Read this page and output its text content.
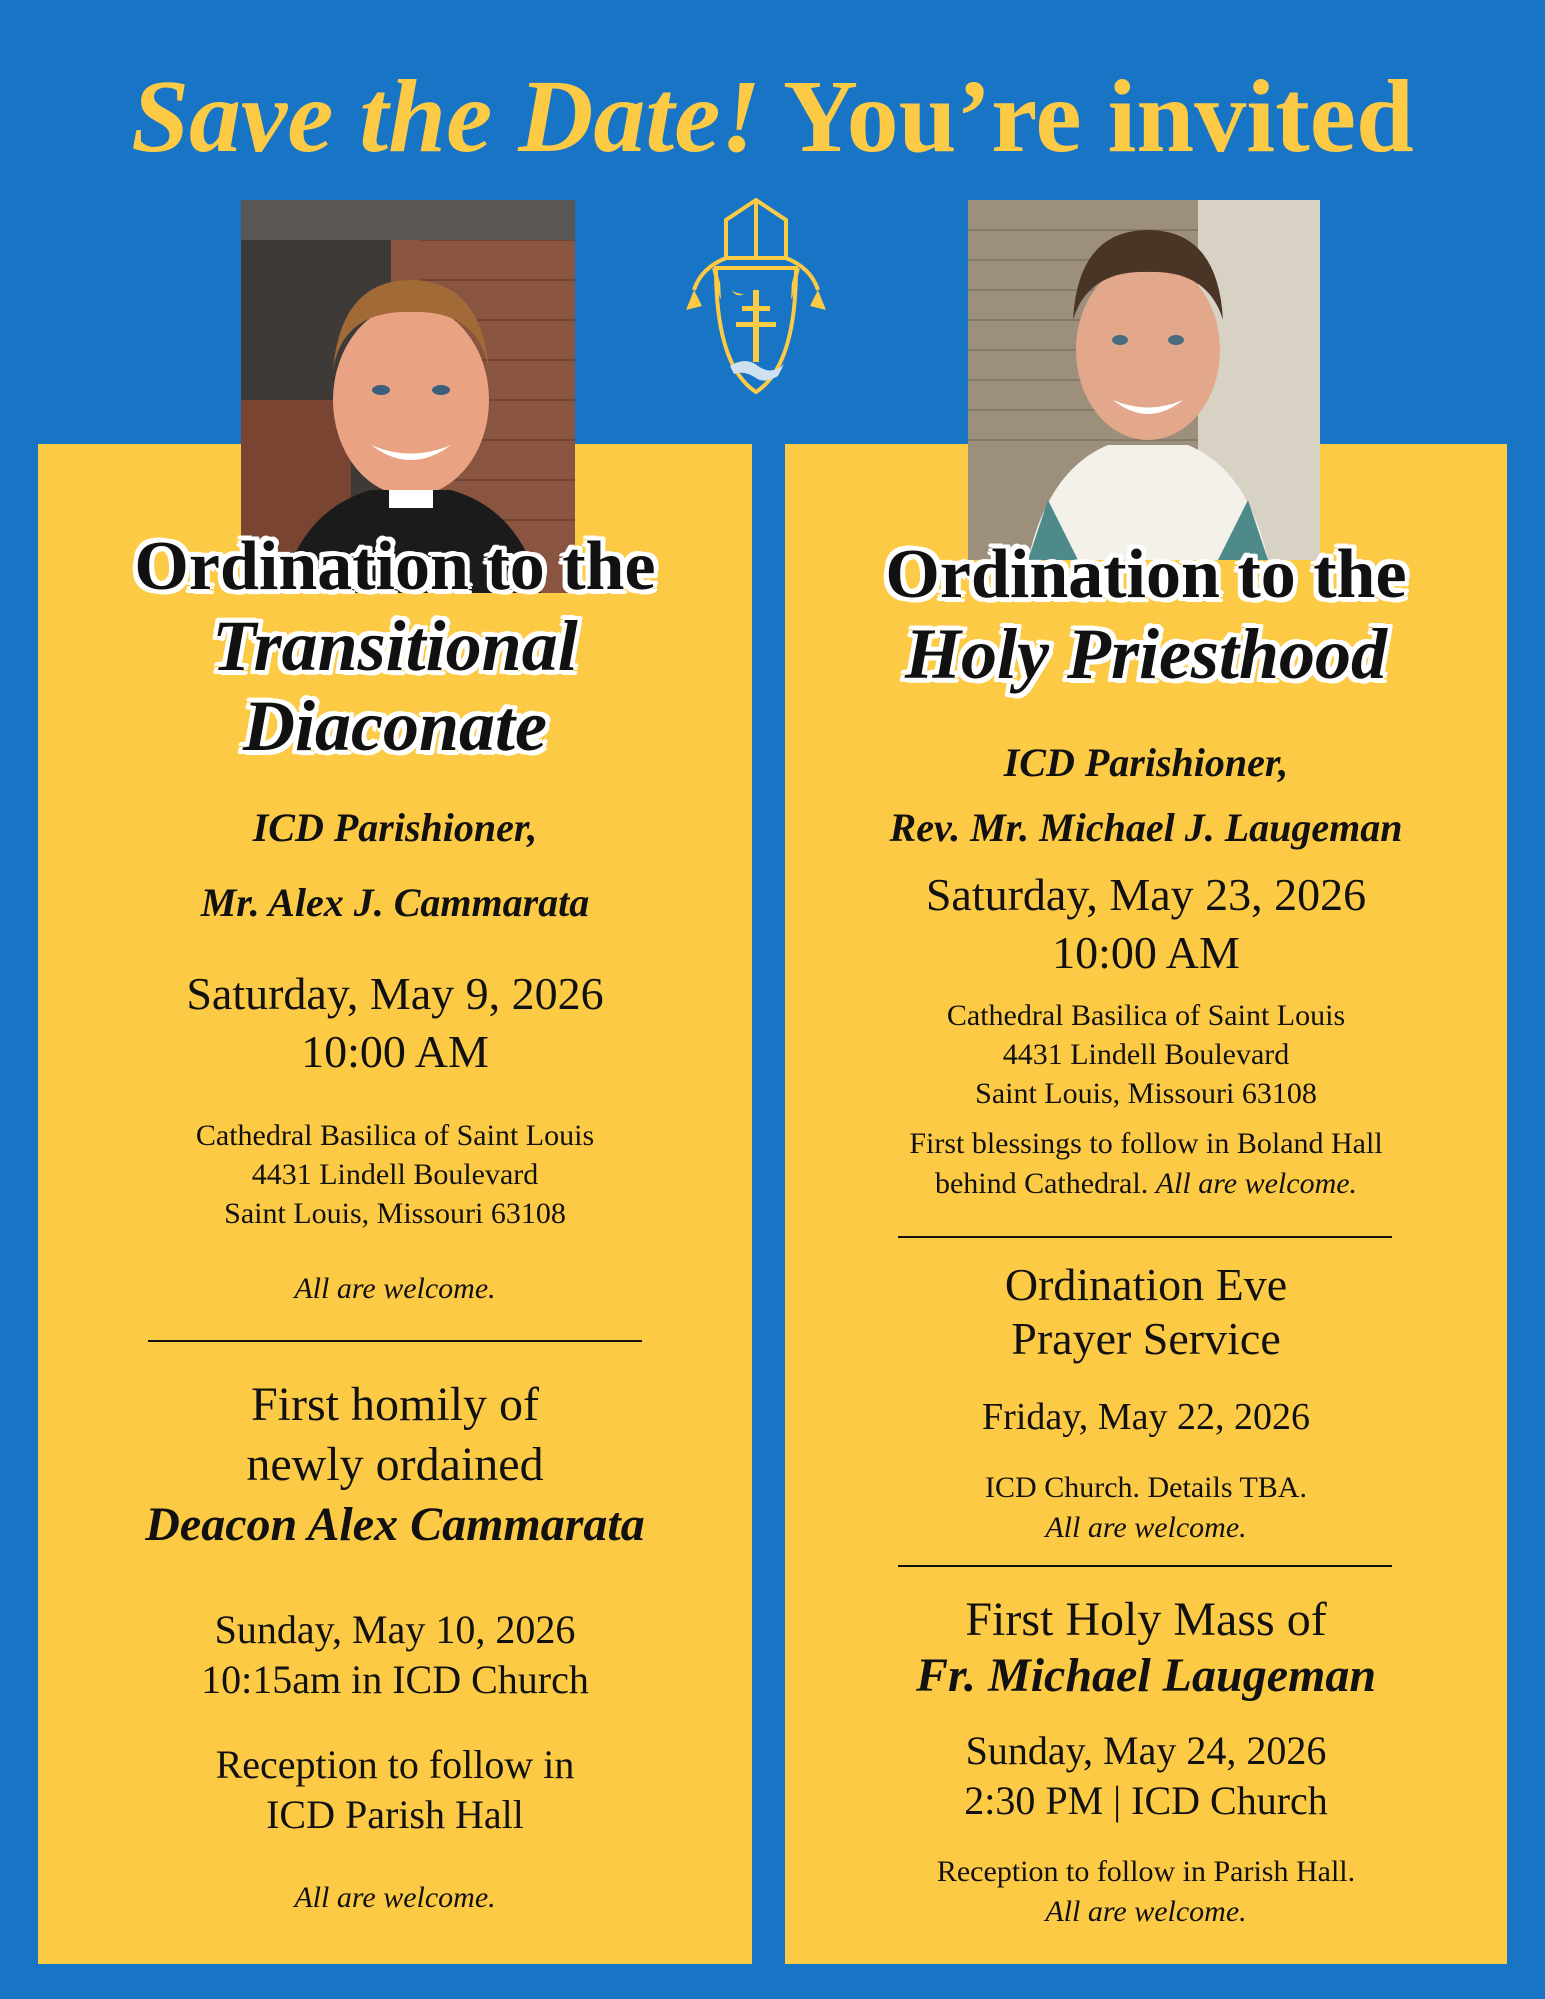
Save the Date! You’re invited
Ordination to the
Transitional
Diaconate
ICD Parishioner,
Mr. Alex J. Cammarata
Saturday, May 9, 2026
10:00 AM
Cathedral Basilica of Saint Louis
4431 Lindell Boulevard
Saint Louis, Missouri 63108
All are welcome.
First homily of
newly ordained
Deacon Alex Cammarata
Sunday, May 10, 2026
10:15am in ICD Church
Reception to follow in
ICD Parish Hall
All are welcome.
Ordination to the
Holy Priesthood
ICD Parishioner,
Rev. Mr. Michael J. Laugeman
Saturday, May 23, 2026
10:00 AM
Cathedral Basilica of Saint Louis
4431 Lindell Boulevard
Saint Louis, Missouri 63108
First blessings to follow in Boland Hall
behind Cathedral. All are welcome.
Ordination Eve
Prayer Service
Friday, May 22, 2026
ICD Church. Details TBA.
All are welcome.
First Holy Mass of
Fr. Michael Laugeman
Sunday, May 24, 2026
2:30 PM | ICD Church
Reception to follow in Parish Hall.
All are welcome.
